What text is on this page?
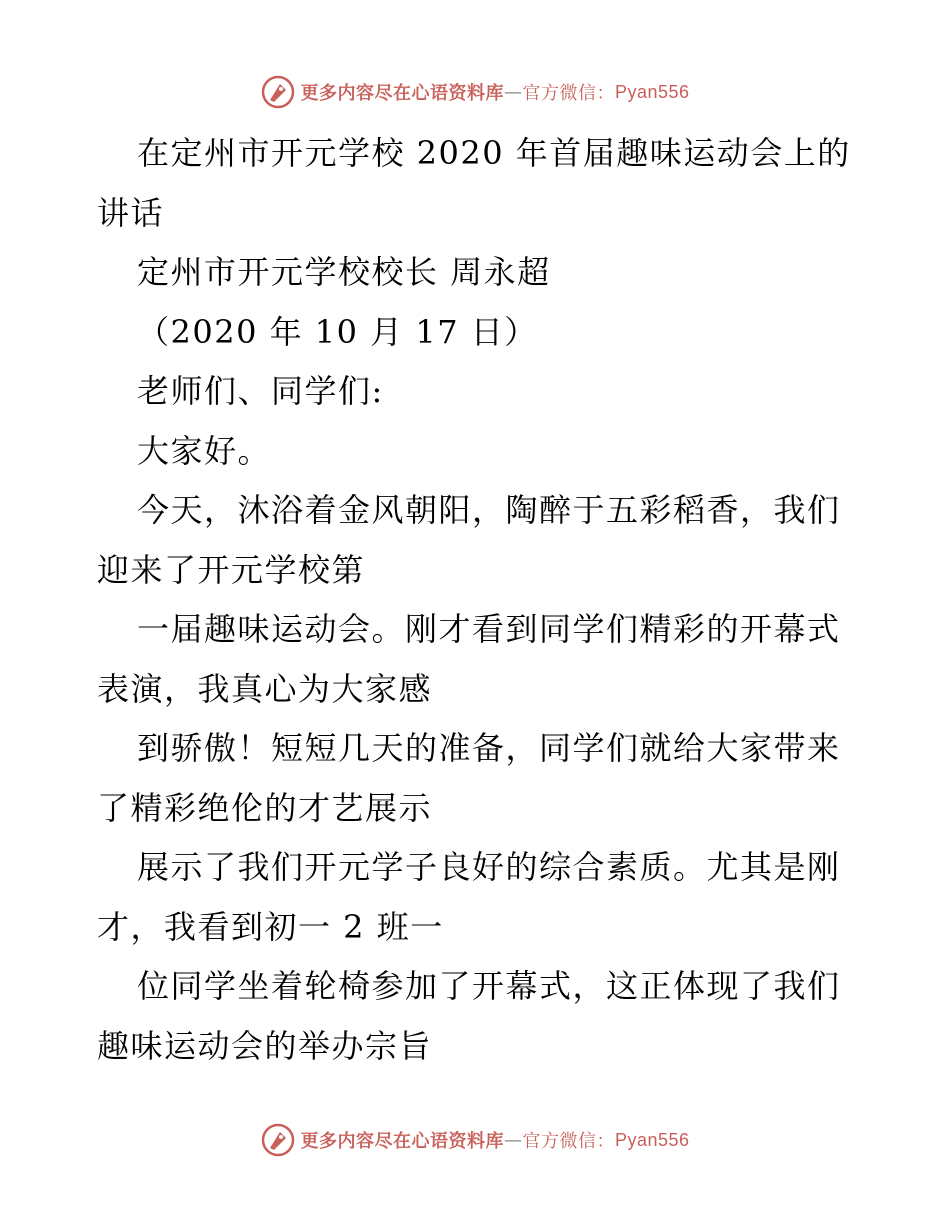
更多内容尽在心语资料库 — 官方微信： Pyan556

在定州市开元学校 2020 年首届趣味运动会上的讲话

定州市开元学校校长 周永超

（2020 年 10 月 17 日）

老师们、同学们:

大家好。

今天，沐浴着金风朝阳，陶醉于五彩稻香，我们迎来了开元学校第

一届趣味运动会。刚才看到同学们精彩的开幕式表演，我真心为大家感

到骄傲！短短几天的准备，同学们就给大家带来了精彩绝伦的才艺展示

展示了我们开元学子良好的综合素质。尤其是刚才，我看到初一 2 班一

位同学坐着轮椅参加了开幕式，这正体现了我们趣味运动会的举办宗旨

更多内容尽在心语资料库 — 官方微信： Pyan556
